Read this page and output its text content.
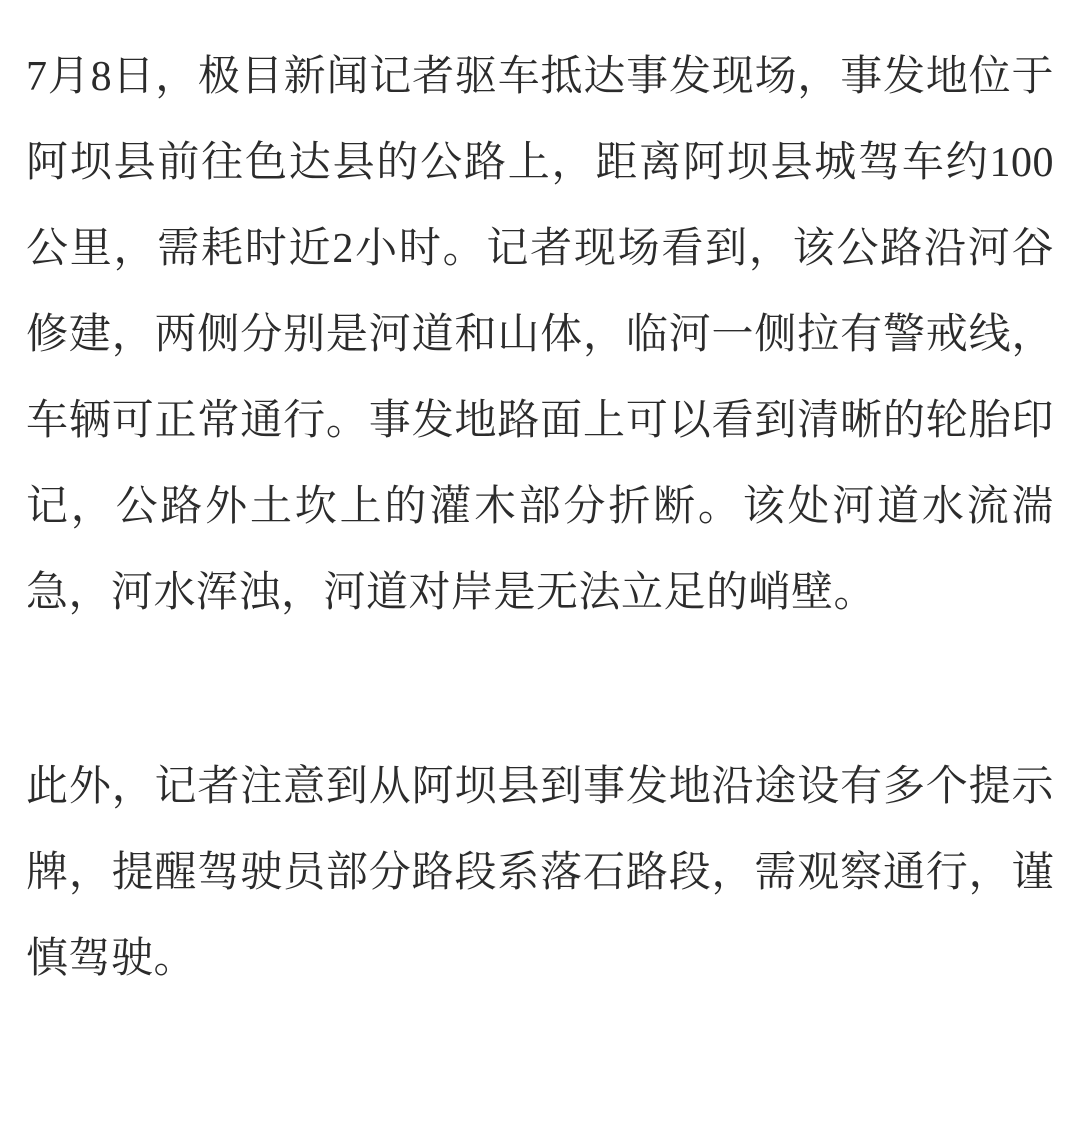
7月8日，极目新闻记者驱车抵达事发现场，事发地位于阿坝县前往色达县的公路上，距离阿坝县城驾车约100公里，需耗时近2小时。记者现场看到，该公路沿河谷修建，两侧分别是河道和山体，临河一侧拉有警戒线，车辆可正常通行。事发地路面上可以看到清晰的轮胎印记，公路外土坎上的灌木部分折断。该处河道水流湍急，河水浑浊，河道对岸是无法立足的峭壁。

此外，记者注意到从阿坝县到事发地沿途设有多个提示牌，提醒驾驶员部分路段系落石路段，需观察通行，谨慎驾驶。
